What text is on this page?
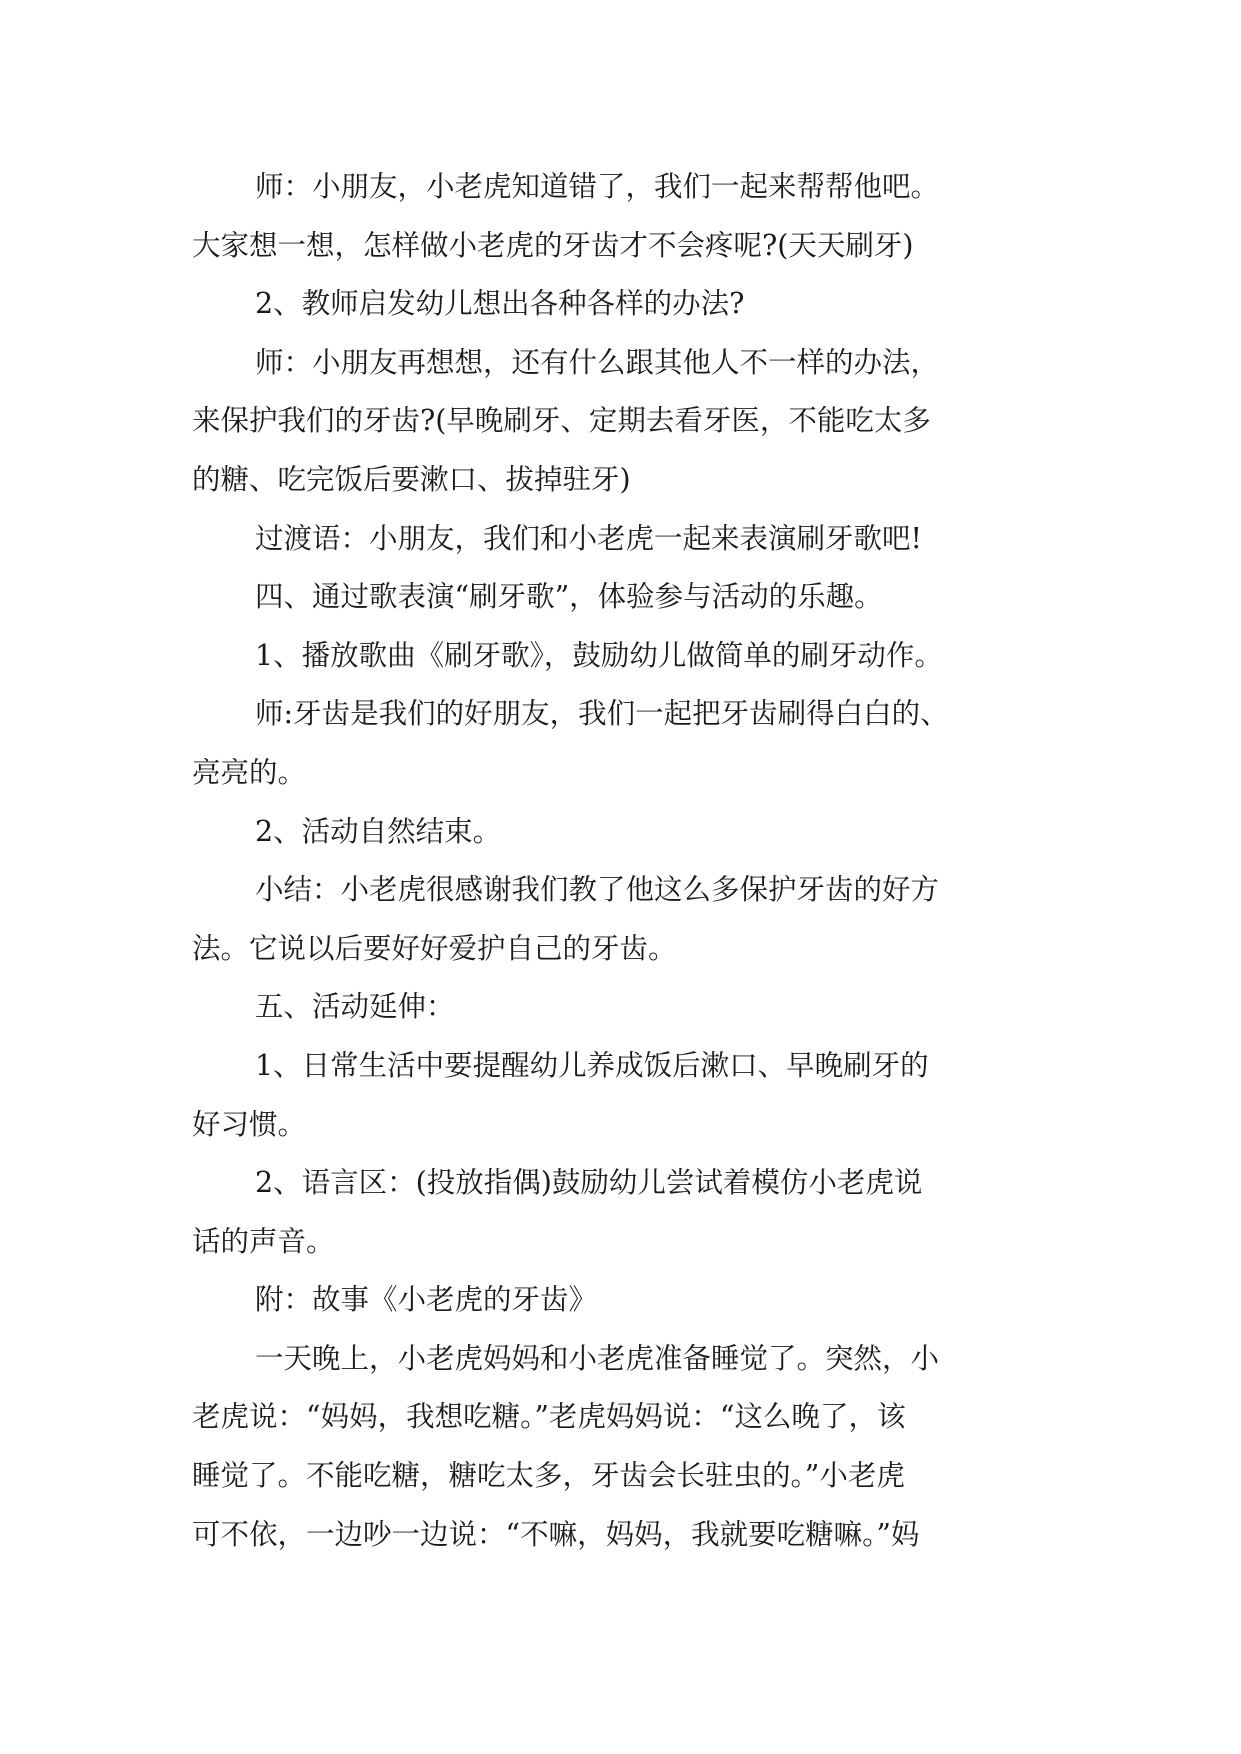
师：小朋友，小老虎知道错了，我们一起来帮帮他吧。

大家想一想，怎样做小老虎的牙齿才不会疼呢?(天天刷牙)

2、教师启发幼儿想出各种各样的办法?

师：小朋友再想想，还有什么跟其他人不一样的办法，

来保护我们的牙齿?(早晚刷牙、定期去看牙医，不能吃太多

的糖、吃完饭后要漱口、拔掉驻牙)

过渡语：小朋友，我们和小老虎一起来表演刷牙歌吧!

四、通过歌表演“刷牙歌”，体验参与活动的乐趣。

1、播放歌曲《刷牙歌》，鼓励幼儿做简单的刷牙动作。

师:牙齿是我们的好朋友，我们一起把牙齿刷得白白的、

亮亮的。

2、活动自然结束。

小结：小老虎很感谢我们教了他这么多保护牙齿的好方

法。它说以后要好好爱护自己的牙齿。

五、活动延伸：

1、日常生活中要提醒幼儿养成饭后漱口、早晚刷牙的

好习惯。

2、语言区：(投放指偶)鼓励幼儿尝试着模仿小老虎说

话的声音。

附：故事《小老虎的牙齿》

一天晚上，小老虎妈妈和小老虎准备睡觉了。突然，小

老虎说：“妈妈，我想吃糖。”老虎妈妈说：“这么晚了，该

睡觉了。不能吃糖，糖吃太多，牙齿会长驻虫的。”小老虎

可不依，一边吵一边说：“不嘛，妈妈，我就要吃糖嘛。”妈
